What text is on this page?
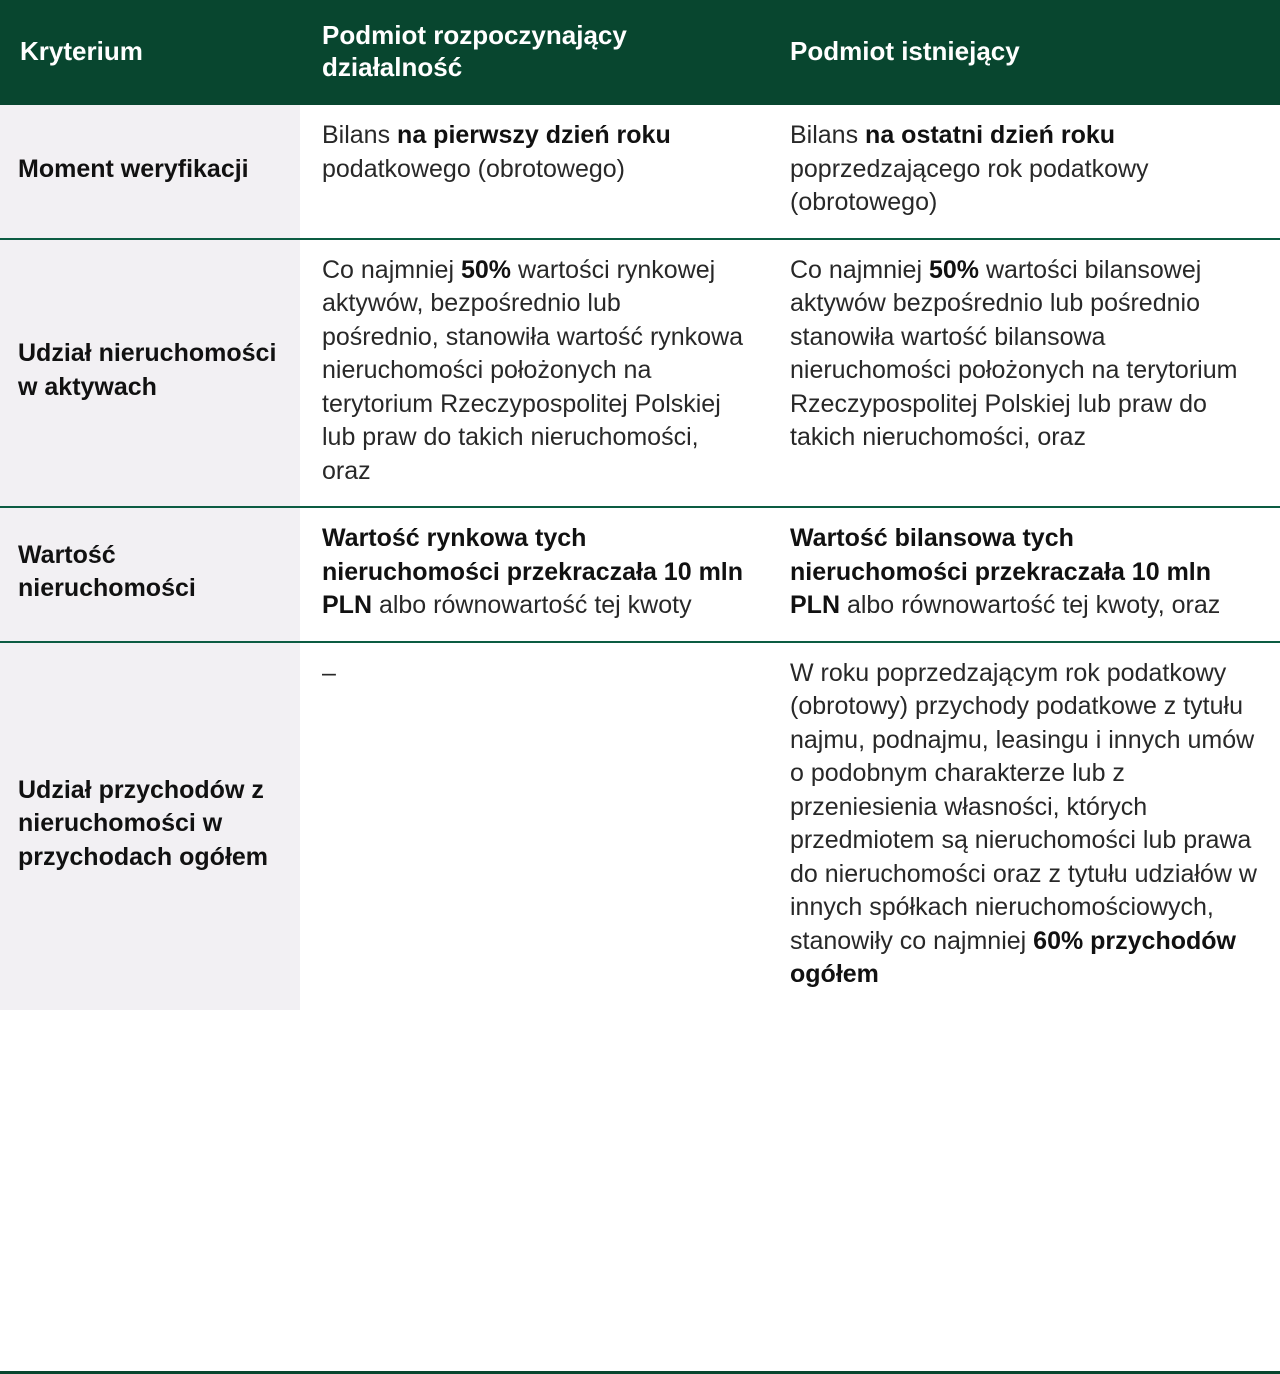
Kryterium	Podmiot rozpoczynający działalność	Podmiot istniejący
Moment weryfikacji	Bilans na pierwszy dzień roku podatkowego (obrotowego)	Bilans na ostatni dzień roku poprzedzającego rok podatkowy (obrotowego)
Udział nieruchomości w aktywach	Co najmniej 50% wartości rynkowej aktywów, bezpośrednio lub pośrednio, stanowiła wartość rynkowa nieruchomości położonych na terytorium Rzeczypospolitej Polskiej lub praw do takich nieruchomości, oraz	Co najmniej 50% wartości bilansowej aktywów bezpośrednio lub pośrednio stanowiła wartość bilansowa nieruchomości położonych na terytorium Rzeczypospolitej Polskiej lub praw do takich nieruchomości, oraz
Wartość nieruchomości	Wartość rynkowa tych nieruchomości przekraczała 10 mln PLN albo równowartość tej kwoty	Wartość bilansowa tych nieruchomości przekraczała 10 mln PLN albo równowartość tej kwoty, oraz
Udział przychodów z nieruchomości w przychodach ogółem	–	W roku poprzedzającym rok podatkowy (obrotowy) przychody podatkowe z tytułu najmu, podnajmu, leasingu i innych umów o podobnym charakterze lub z przeniesienia własności, których przedmiotem są nieruchomości lub prawa do nieruchomości oraz z tytułu udziałów w innych spółkach nieruchomościowych, stanowiły co najmniej 60% przychodów ogółem
